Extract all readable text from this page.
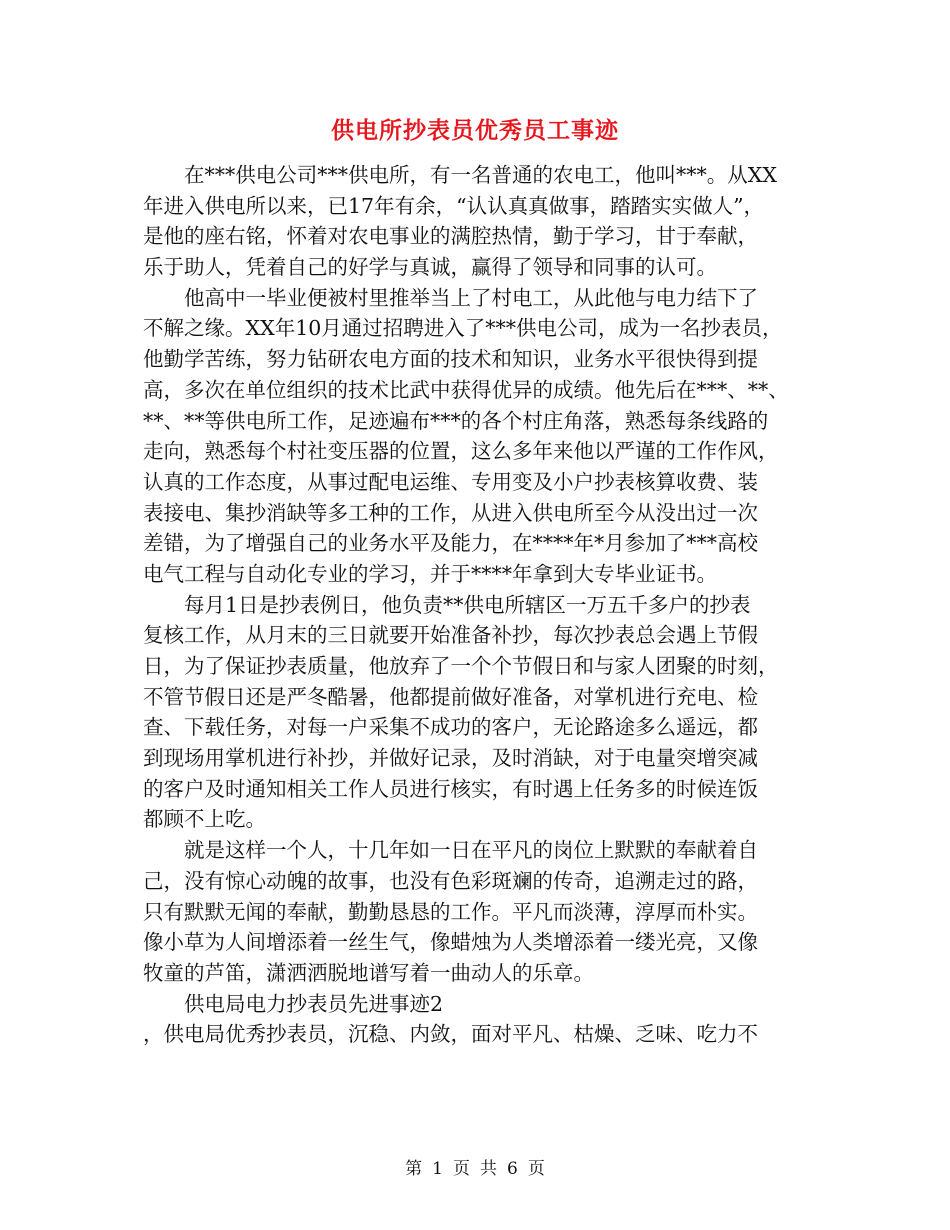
供电所抄表员优秀员工事迹
　　在***供电公司***供电所，有一名普通的农电工，他叫***。从XX
年进入供电所以来，已17年有余，“认认真真做事，踏踏实实做人”，
是他的座右铭，怀着对农电事业的满腔热情，勤于学习，甘于奉献，
乐于助人，凭着自己的好学与真诚，赢得了领导和同事的认可。
　　他高中一毕业便被村里推举当上了村电工，从此他与电力结下了
不解之缘。XX年10月通过招聘进入了***供电公司，成为一名抄表员，
他勤学苦练，努力钻研农电方面的技术和知识，业务水平很快得到提
高，多次在单位组织的技术比武中获得优异的成绩。他先后在***、**、
**、**等供电所工作，足迹遍布***的各个村庄角落，熟悉每条线路的
走向，熟悉每个村社变压器的位置，这么多年来他以严谨的工作作风，
认真的工作态度，从事过配电运维、专用变及小户抄表核算收费、装
表接电、集抄消缺等多工种的工作，从进入供电所至今从没出过一次
差错，为了增强自己的业务水平及能力，在****年*月参加了***高校
电气工程与自动化专业的学习，并于****年拿到大专毕业证书。
　　每月1日是抄表例日，他负责**供电所辖区一万五千多户的抄表
复核工作，从月末的三日就要开始准备补抄，每次抄表总会遇上节假
日，为了保证抄表质量，他放弃了一个个节假日和与家人团聚的时刻，
不管节假日还是严冬酷暑，他都提前做好准备，对掌机进行充电、检
查、下载任务，对每一户采集不成功的客户，无论路途多么遥远，都
到现场用掌机进行补抄，并做好记录，及时消缺，对于电量突增突减
的客户及时通知相关工作人员进行核实，有时遇上任务多的时候连饭
都顾不上吃。
　　就是这样一个人，十几年如一日在平凡的岗位上默默的奉献着自
己，没有惊心动魄的故事，也没有色彩斑斓的传奇，追溯走过的路，
只有默默无闻的奉献，勤勤恳恳的工作。平凡而淡薄，淳厚而朴实。
像小草为人间增添着一丝生气，像蜡烛为人类增添着一缕光亮，又像
牧童的芦笛，潇洒洒脱地谱写着一曲动人的乐章。
　　供电局电力抄表员先进事迹2
，供电局优秀抄表员，沉稳、内敛，面对平凡、枯燥、乏味、吃力不
第 1 页 共 6 页
